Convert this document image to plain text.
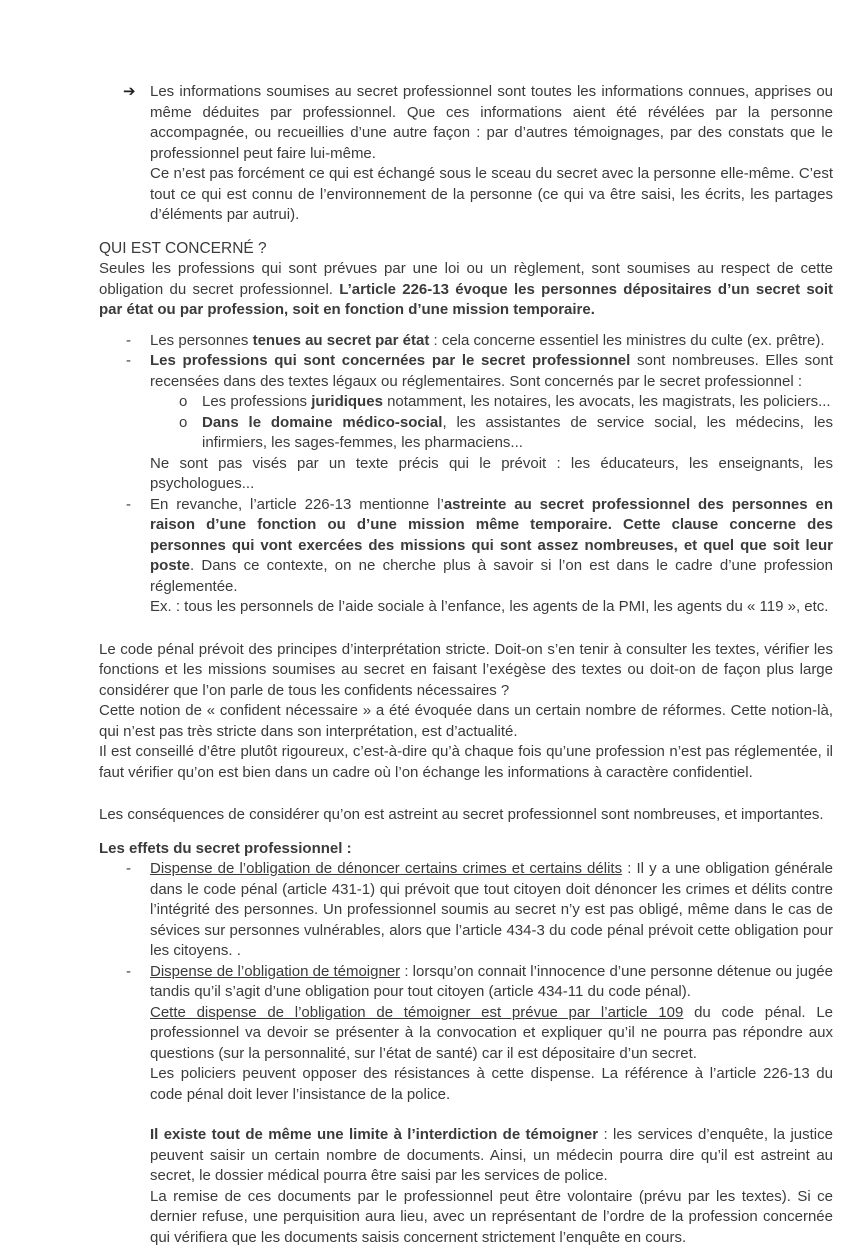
➔ Les informations soumises au secret professionnel sont toutes les informations connues, apprises ou même déduites par professionnel. Que ces informations aient été révélées par la personne accompagnée, ou recueillies d’une autre façon : par d’autres témoignages, par des constats que le professionnel peut faire lui-même.
Ce n’est pas forcément ce qui est échangé sous le sceau du secret avec la personne elle-même. C’est tout ce qui est connu de l’environnement de la personne (ce qui va être saisi, les écrits, les partages d’éléments par autrui).
QUI EST CONCERNÉ ?
Seules les professions qui sont prévues par une loi ou un règlement, sont soumises au respect de cette obligation du secret professionnel. L’article 226-13 évoque les personnes dépositaires d’un secret soit par état ou par profession, soit en fonction d’une mission temporaire.
- Les personnes tenues au secret par état : cela concerne essentiel les ministres du culte (ex. prêtre).
- Les professions qui sont concernées par le secret professionnel sont nombreuses. Elles sont recensées dans des textes légaux ou réglementaires. Sont concernés par le secret professionnel :
o Les professions juridiques notamment, les notaires, les avocats, les magistrats, les policiers...
o Dans le domaine médico-social, les assistantes de service social, les médecins, les infirmiers, les sages-femmes, les pharmaciens...
Ne sont pas visés par un texte précis qui le prévoit : les éducateurs, les enseignants, les psychologues...
- En revanche, l’article 226-13 mentionne l’astreinte au secret professionnel des personnes en raison d’une fonction ou d’une mission même temporaire. Cette clause concerne des personnes qui vont exercées des missions qui sont assez nombreuses, et quel que soit leur poste. Dans ce contexte, on ne cherche plus à savoir si l’on est dans le cadre d’une profession réglementée.
Ex. : tous les personnels de l’aide sociale à l’enfance, les agents de la PMI, les agents du « 119 », etc.
Le code pénal prévoit des principes d’interprétation stricte. Doit-on s’en tenir à consulter les textes, vérifier les fonctions et les missions soumises au secret en faisant l’exégèse des textes ou doit-on de façon plus large considérer que l’on parle de tous les confidents nécessaires ?
Cette notion de « confident nécessaire » a été évoquée dans un certain nombre de réformes. Cette notion-là, qui n’est pas très stricte dans son interprétation, est d’actualité.
Il est conseillé d’être plutôt rigoureux, c’est-à-dire qu’à chaque fois qu’une profession n’est pas réglementée, il faut vérifier qu’on est bien dans un cadre où l’on échange les informations à caractère confidentiel.
Les conséquences de considérer qu’on est astreint au secret professionnel sont nombreuses, et importantes.
Les effets du secret professionnel :
- Dispense de l’obligation de dénoncer certains crimes et certains délits : Il y a une obligation générale dans le code pénal (article 431-1) qui prévoit que tout citoyen doit dénoncer les crimes et délits contre l’intégrité des personnes. Un professionnel soumis au secret n’y est pas obligé, même dans le cas de sévices sur personnes vulnérables, alors que l’article 434-3 du code pénal prévoit cette obligation pour les citoyens. .
- Dispense de l’obligation de témoigner : lorsqu’on connait l’innocence d’une personne détenue ou jugée tandis qu’il s’agit d’une obligation pour tout citoyen (article 434-11 du code pénal).
Cette dispense de l’obligation de témoigner est prévue par l’article 109 du code pénal. Le professionnel va devoir se présenter à la convocation et expliquer qu’il ne pourra pas répondre aux questions (sur la personnalité, sur l’état de santé) car il est dépositaire d’un secret.
Les policiers peuvent opposer des résistances à cette dispense. La référence à l’article 226-13 du code pénal doit lever l’insistance de la police.
Il existe tout de même une limite à l’interdiction de témoigner : les services d’enquête, la justice peuvent saisir un certain nombre de documents. Ainsi, un médecin pourra dire qu’il est astreint au secret, le dossier médical pourra être saisi par les services de police.
La remise de ces documents par le professionnel peut être volontaire (prévu par les textes). Si ce dernier refuse, une perquisition aura lieu, avec un représentant de l’ordre de la profession concernée qui vérifiera que les documents saisis concernent strictement l’enquête en cours.
